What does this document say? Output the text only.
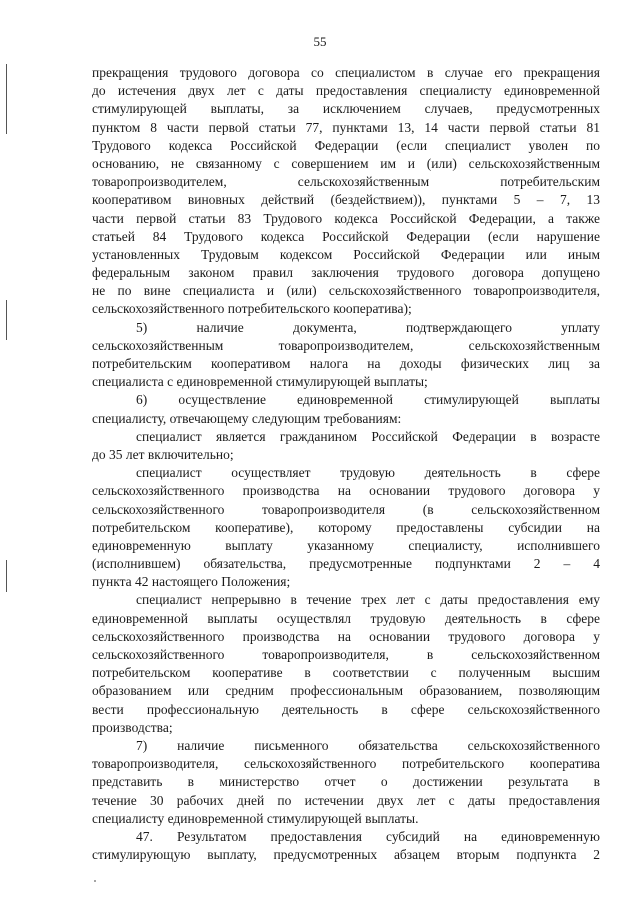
55
прекращения трудового договора со специалистом в случае его прекращения
до истечения двух лет с даты предоставления специалисту единовременной
стимулирующей выплаты, за исключением случаев, предусмотренных
пунктом 8 части первой статьи 77, пунктами 13, 14 части первой статьи 81
Трудового кодекса Российской Федерации (если специалист уволен по
основанию, не связанному с совершением им и (или) сельскохозяйственным
товаропроизводителем, сельскохозяйственным потребительским
кооперативом виновных действий (бездействием)), пунктами 5 – 7, 13
части первой статьи 83 Трудового кодекса Российской Федерации, а также
статьей 84 Трудового кодекса Российской Федерации (если нарушение
установленных Трудовым кодексом Российской Федерации или иным
федеральным законом правил заключения трудового договора допущено
не по вине специалиста и (или) сельскохозяйственного товаропроизводителя,
сельскохозяйственного потребительского кооператива);
5) наличие документа, подтверждающего уплату
сельскохозяйственным товаропроизводителем, сельскохозяйственным
потребительским кооперативом налога на доходы физических лиц за
специалиста с единовременной стимулирующей выплаты;
6) осуществление единовременной стимулирующей выплаты
специалисту, отвечающему следующим требованиям:
специалист является гражданином Российской Федерации в возрасте
до 35 лет включительно;
специалист осуществляет трудовую деятельность в сфере
сельскохозяйственного производства на основании трудового договора у
сельскохозяйственного товаропроизводителя (в сельскохозяйственном
потребительском кооперативе), которому предоставлены субсидии на
единовременную выплату указанному специалисту, исполнившего
(исполнившем) обязательства, предусмотренные подпунктами 2 – 4
пункта 42 настоящего Положения;
специалист непрерывно в течение трех лет с даты предоставления ему
единовременной выплаты осуществлял трудовую деятельность в сфере
сельскохозяйственного производства на основании трудового договора у
сельскохозяйственного товаропроизводителя, в сельскохозяйственном
потребительском кооперативе в соответствии с полученным высшим
образованием или средним профессиональным образованием, позволяющим
вести профессиональную деятельность в сфере сельскохозяйственного
производства;
7) наличие письменного обязательства сельскохозяйственного
товаропроизводителя, сельскохозяйственного потребительского кооператива
представить в министерство отчет о достижении результата в
течение 30 рабочих дней по истечении двух лет с даты предоставления
специалисту единовременной стимулирующей выплаты.
47. Результатом предоставления субсидий на единовременную
стимулирующую выплату, предусмотренных абзацем вторым подпункта 2
